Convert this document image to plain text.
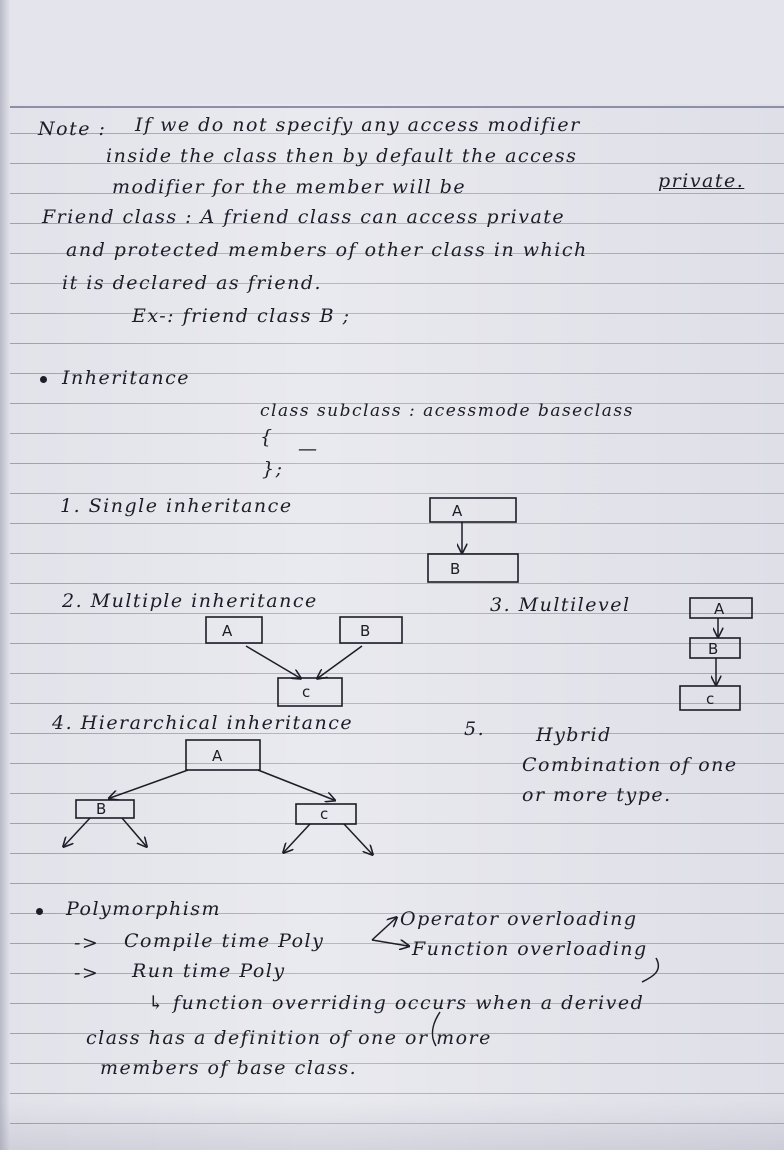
Note : If we do not specify any access modifier
inside the class then by default the access
modifier for the member will be	private.
Friend class : A friend class can access private
and protected members of other class in which
it is declared as friend.
Ex-: friend class B ;
Inheritance
class subclass : acessmode baseclass
{
—
};
1. Single inheritance
2. Multiple inheritance	3. Multilevel
4. Hierarchical inheritance	5.	Hybrid
Combination of one
or more type.
A
B
A	B
c
A
B
c
A
B	c
Polymorphism
-> Compile time Poly
Operator overloading
Function overloading
-> Run time Poly
↳ function overriding occurs when a derived
class has a definition of one or more
members of base class.
